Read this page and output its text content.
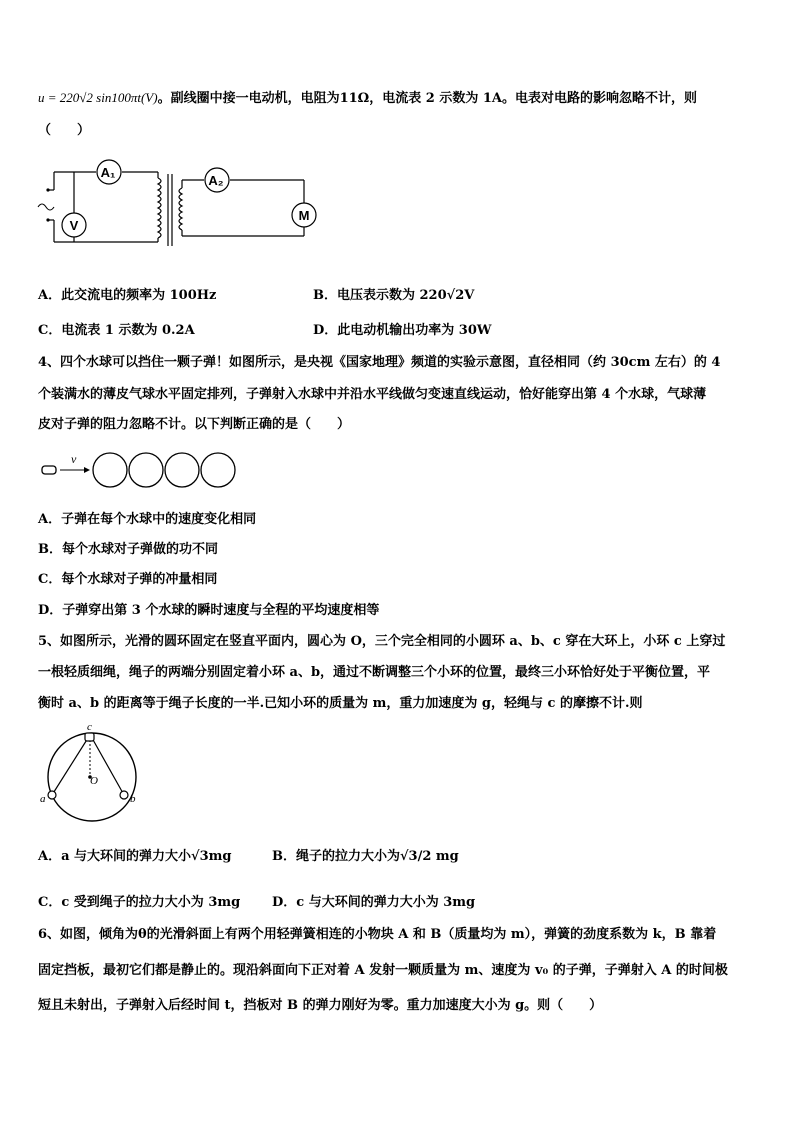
u = 220√2 sin100πt(V)。副线圈中接一电动机，电阻为11Ω，电流表 2 示数为 1A。电表对电路的影响忽略不计，则
（　　）
A₁
V
A₂
M
A．此交流电的频率为 100Hz	B．电压表示数为 220√2V
C．电流表 1 示数为 0.2A	D．此电动机输出功率为 30W
4、四个水球可以挡住一颗子弹！如图所示，是央视《国家地理》频道的实验示意图，直径相同（约 30cm 左右）的 4
个装满水的薄皮气球水平固定排列，子弹射入水球中并沿水平线做匀变速直线运动，恰好能穿出第 4 个水球，气球薄
皮对子弹的阻力忽略不计。以下判断正确的是（　　）
v
A．子弹在每个水球中的速度变化相同
B．每个水球对子弹做的功不同
C．每个水球对子弹的冲量相同
D．子弹穿出第 3 个水球的瞬时速度与全程的平均速度相等
5、如图所示，光滑的圆环固定在竖直平面内，圆心为 O，三个完全相同的小圆环 a、b、c 穿在大环上，小环 c 上穿过
一根轻质细绳，绳子的两端分别固定着小环 a、b，通过不断调整三个小环的位置，最终三小环恰好处于平衡位置，平
衡时 a、b 的距离等于绳子长度的一半.已知小环的质量为 m，重力加速度为 g，轻绳与 c 的摩擦不计.则
c
O
a	b
A．a 与大环间的弹力大小√3mg	B．绳子的拉力大小为√3/2 mg
C．c 受到绳子的拉力大小为 3mg D．c 与大环间的弹力大小为 3mg
6、如图，倾角为θ的光滑斜面上有两个用轻弹簧相连的小物块 A 和 B（质量均为 m），弹簧的劲度系数为 k，B 靠着
固定挡板，最初它们都是静止的。现沿斜面向下正对着 A 发射一颗质量为 m、速度为 v₀ 的子弹，子弹射入 A 的时间极
短且未射出，子弹射入后经时间 t，挡板对 B 的弹力刚好为零。重力加速度大小为 g。则（　　）
